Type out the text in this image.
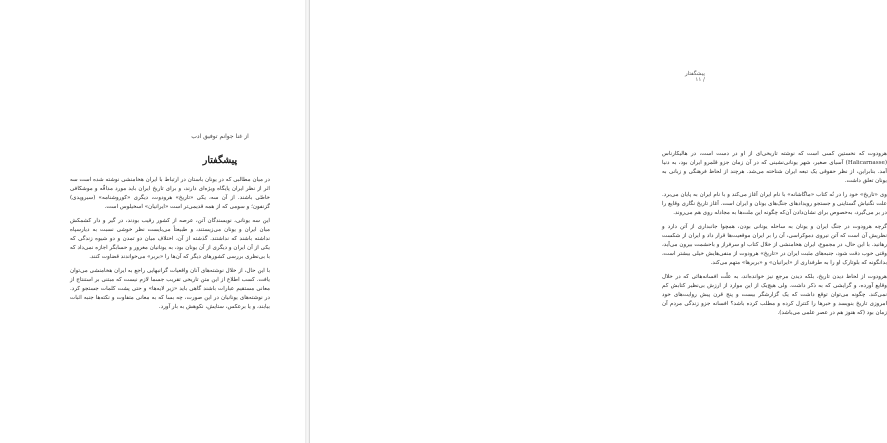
از غنا جوانم توفیق ادب
پیشگفتار

در میان مطالبی که در یونان باستان در ارتباط با ایران هخامنشی نوشته شده است سه اثر از نظر ایران پایگاه ویژه‌ای دارند، و برای تاریخ ایران باید مورد مداقّه و موشکافی خاصّی باشند. از آن سه، یکی «تاریخ» هرودوت، دیگری «کوروشنامه» (سیروپدی) گزنفون؛ و سومی که از همه قدیمی‌تر است «ایرانیان» اسخیلوس است.

این سه یونانی، نویسندگان آتن، عرصه از کشور رقیب بودند، در گیر و دار کشمکش میان ایران و یونان می‌زیستند، و طبیعتاً می‌بایست نظر خوشی نسبت به دیارسپاه نداشته باشند که نداشتند. گذشته از آن، اختلاف میان دو تمدن و دو شیوه زندگی که یکی از آن ایران و دیگری از آن یونان بود، به یونانیان مغرور و حسابگر اجازه نمی‌داد که با بی‌نظری بررسی کشورهای دیگر که آن‌ها را «بربر» می‌خواندند قضاوت کنند.

با این حال، از خلال نوشته‌های آنان واقعیات گرانبهایی راجع به ایران هخامنشی می‌توان یافت. کسب اطلاع از این متن تاریخی تقریب جسما لازم نیست که مبتنی بر استنتاج از معانی مستقیم عبارات باشند گاهی باید «زیر لایه‌ها» و حتی پشت کلمات جستجو کرد. در نوشته‌های یونانیان در این صورت، چه بسا که به معانی متفاوت و نکته‌ها جنبه اثبات بیابند، و یا برعکس، ستایش، نکوهش به بار آورد.

پیشگفتار / ۱۱

هرودوت که نخستین کسی است که نوشته تاریخی‌ای از او در دست است، در هالیکارناس (Halicarnasse) آسیای صغیر، شهر یونانی‌نشینی که در آن زمان جزو قلمرو ایران بود، به دنیا آمد. بنابراین، از نظر حقوقی یک تبعه ایران شناخته می‌شد. هرچند از لحاظ فرهنگی و زبانی به یونان تعلق داشت.

وی «تاریخ» خود را در نُه کتاب «ماگاشانه» با نام ایران آغاز می‌کند و با نام ایران به پایان می‌برد. علت نگنیاش گستاینی و جستجو رویدادهای جنگ‌های یونان و ایران است. آغاز تاریخ نگاری وقایع را در بر می‌گیرد، به‌خصوص برای نشان‌دادن آن‌که چگونه این ملت‌ها به مجادله روی هم می‌روند.

گرچه هرودوت در جنگ ایران و یونان به ساحله یونانی بودن، همچوا جانبداری از آتن دارد و نظریش آن است که آتن نیروی دموکراسی، آن را بر ایران موقعیت‌ها قرار داد و ایران از شکست رهانید. با این حال، در مجموع، ایران هخامنشی از خلال کتاب او سرفراز و باحشمت بیرون می‌آید، وقتی خوب دقت شود، جنبه‌های مثبت ایران در «تاریخ» هرودوت از منفی‌هایش خیلی بیشتر است، بدانگونه که بلوتارک او را به طرفداری از «ایرانیان» و «بربرها» متهم می‌کند.

هرودوت از لحاظ دیدن تاریخ، بلکه دیدن مرجع نیز خوانده‌اند، به علّت افسانه‌هائی که در خلال وقایع آورده، و گرایشی که به ذکر داشت. ولی هیچ‌یک از این موارد از ارزش بی‌نظیر کتابش کم نمی‌کند. چگونه می‌توان توقع داشت که یک گزارشگر بیست و پنج قرن پیش روایت‌های خود امروزی تاریخ بنویسد و خبرها را کنترل کرده و مطلب کرده باشد؟ افسانه جزو زندگی مردم آن زمان بود (که هنوز هم در عصر علمی می‌باشد).
